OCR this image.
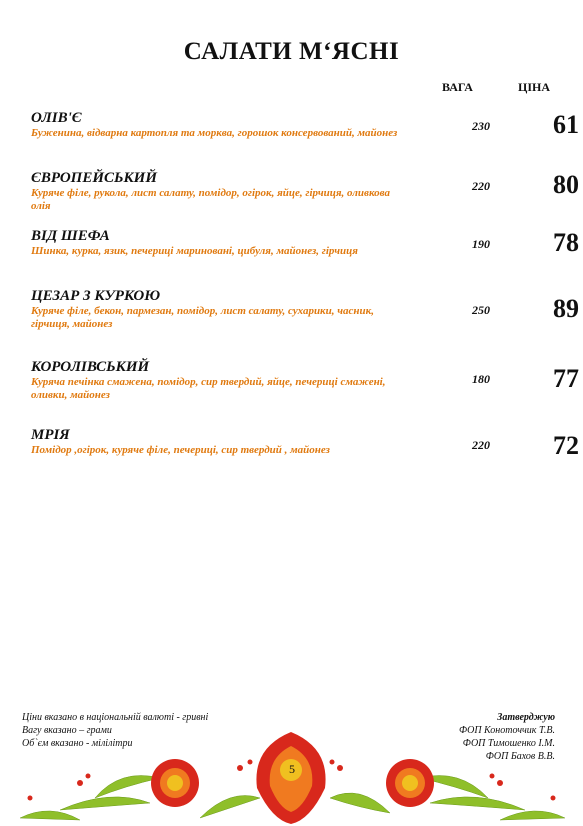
САЛАТИ М‘ЯСНІ
ВАГА	ЦІНА
ОЛІВ'Є
Буженина, відварна картопля та морква, горошок консервований, майонез	230	61
ЄВРОПЕЙСЬКИЙ
Куряче філе, рукола, лист салату, помідор, огірок, яйце, гірчиця, оливкова олія
220	80
ВІД ШЕФА
Шинка, курка, язик, печериці мариновані, цибуля, майонез, гірчиця	190	78
ЦЕЗАР З КУРКОЮ
Куряче філе, бекон, пармезан, помідор, лист салату, сухарики, часник, гірчиця, майонез
250	89
КОРОЛІВСЬКИЙ
Куряча печінка смажена, помідор, сир твердий, яйце, печериці смажені, оливки, майонез
180	77
МРІЯ
Помідор ,огірок, куряче філе, печериці, сир твердий , майонез	220	72
Ціни вказано в національній валюті - гривні
Вагу вказано – грами
Об`єм вказано - мілілітри
Затверджую
ФОП Коноточчик Т.В.
ФОП Тимошенко І.М.
ФОП Бахов В.В.
5
